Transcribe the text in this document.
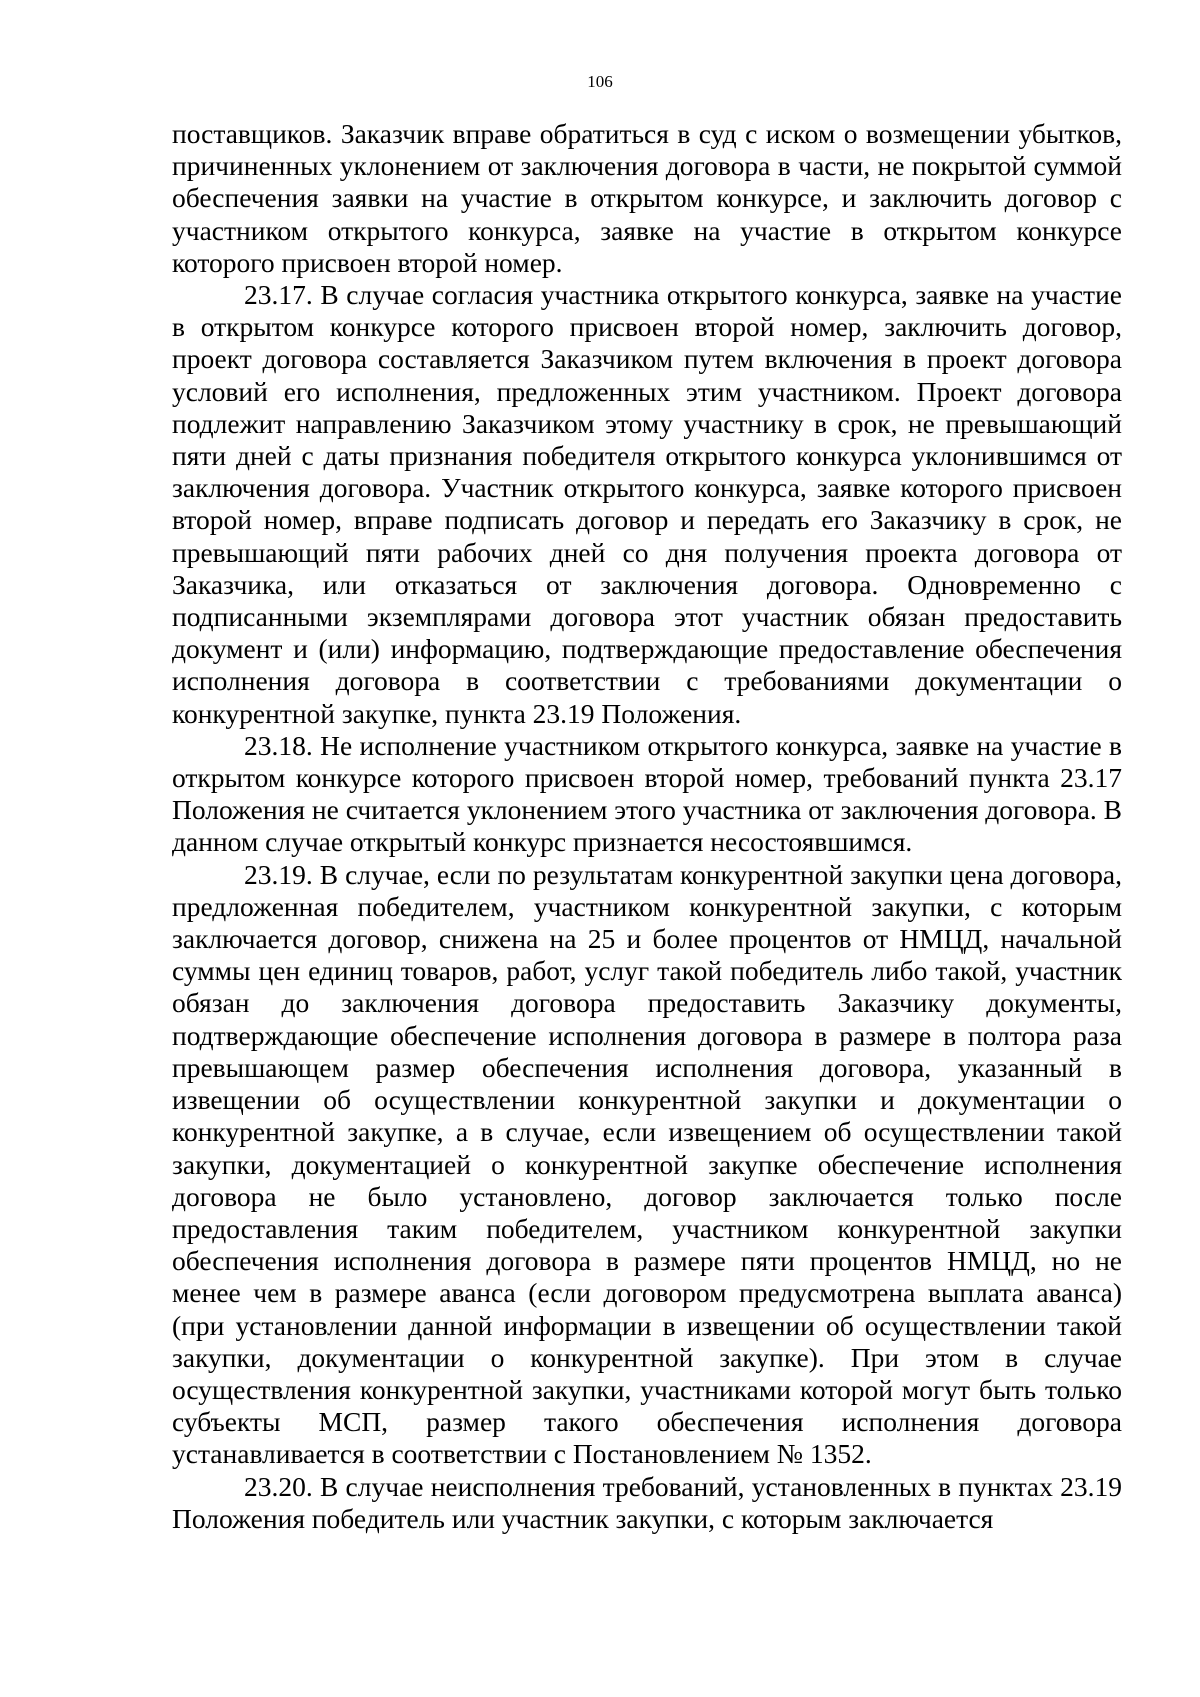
106

поставщиков. Заказчик вправе обратиться в суд с иском о возмещении убытков, причиненных уклонением от заключения договора в части, не покрытой суммой обеспечения заявки на участие в открытом конкурсе, и заключить договор с участником открытого конкурса, заявке на участие в открытом конкурсе которого присвоен второй номер.

23.17. В случае согласия участника открытого конкурса, заявке на участие в открытом конкурсе которого присвоен второй номер, заключить договор, проект договора составляется Заказчиком путем включения в проект договора условий его исполнения, предложенных этим участником. Проект договора подлежит направлению Заказчиком этому участнику в срок, не превышающий пяти дней с даты признания победителя открытого конкурса уклонившимся от заключения договора. Участник открытого конкурса, заявке которого присвоен второй номер, вправе подписать договор и передать его Заказчику в срок, не превышающий пяти рабочих дней со дня получения проекта договора от Заказчика, или отказаться от заключения договора. Одновременно с подписанными экземплярами договора этот участник обязан предоставить документ и (или) информацию, подтверждающие предоставление обеспечения исполнения договора в соответствии с требованиями документации о конкурентной закупке, пункта 23.19 Положения.

23.18. Не исполнение участником открытого конкурса, заявке на участие в открытом конкурсе которого присвоен второй номер, требований пункта 23.17 Положения не считается уклонением этого участника от заключения договора. В данном случае открытый конкурс признается несостоявшимся.

23.19. В случае, если по результатам конкурентной закупки цена договора, предложенная победителем, участником конкурентной закупки, с которым заключается договор, снижена на 25 и более процентов от НМЦД, начальной суммы цен единиц товаров, работ, услуг такой победитель либо такой, участник обязан до заключения договора предоставить Заказчику документы, подтверждающие обеспечение исполнения договора в размере в полтора раза превышающем размер обеспечения исполнения договора, указанный в извещении об осуществлении конкурентной закупки и документации о конкурентной закупке, а в случае, если извещением об осуществлении такой закупки, документацией о конкурентной закупке обеспечение исполнения договора не было установлено, договор заключается только после предоставления таким победителем, участником конкурентной закупки обеспечения исполнения договора в размере пяти процентов НМЦД, но не менее чем в размере аванса (если договором предусмотрена выплата аванса) (при установлении данной информации в извещении об осуществлении такой закупки, документации о конкурентной закупке). При этом в случае осуществления конкурентной закупки, участниками которой могут быть только субъекты МСП, размер такого обеспечения исполнения договора устанавливается в соответствии с Постановлением № 1352.

23.20. В случае неисполнения требований, установленных в пунктах 23.19 Положения победитель или участник закупки, с которым заключается
